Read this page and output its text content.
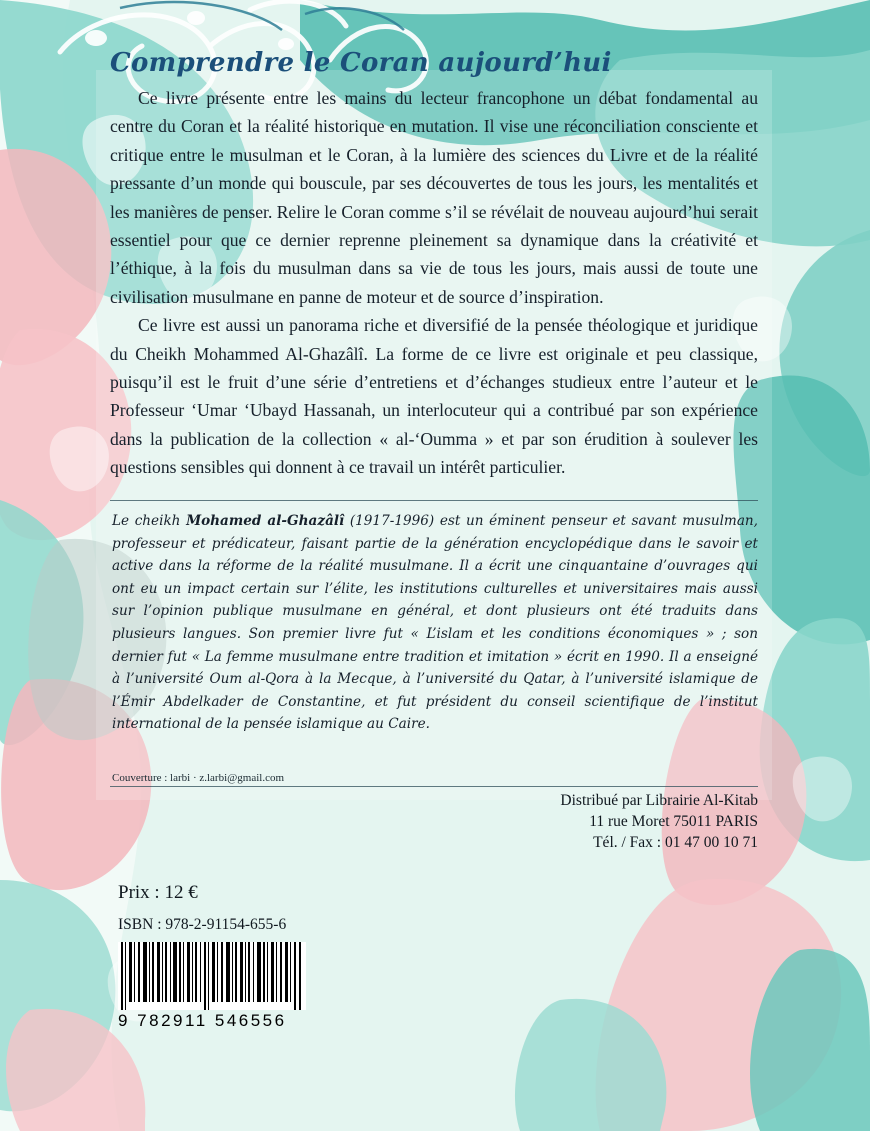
Comprendre le Coran aujourd’hui

Ce livre présente entre les mains du lecteur francophone un débat fondamental au centre du Coran et la réalité historique en mutation. Il vise une réconciliation consciente et critique entre le musulman et le Coran, à la lumière des sciences du Livre et de la réalité pressante d’un monde qui bouscule, par ses découvertes de tous les jours, les mentalités et les manières de penser. Relire le Coran comme s’il se révélait de nouveau aujourd’hui serait essentiel pour que ce dernier reprenne pleinement sa dynamique dans la créativité et l’éthique, à la fois du musulman dans sa vie de tous les jours, mais aussi de toute une civilisation musulmane en panne de moteur et de source d’inspiration.

Ce livre est aussi un panorama riche et diversifié de la pensée théologique et juridique du Cheikh Mohammed Al-Ghazâlî. La forme de ce livre est originale et peu classique, puisqu’il est le fruit d’une série d’entretiens et d’échanges studieux entre l’auteur et le Professeur ‘Umar ‘Ubayd Hassanah, un interlocuteur qui a contribué par son expérience dans la publication de la collection « al-‘Oumma » et par son érudition à soulever les questions sensibles qui donnent à ce travail un intérêt particulier.

Le cheikh Mohamed al-Ghazâlî (1917-1996) est un éminent penseur et savant musulman, professeur et prédicateur, faisant partie de la génération encyclopédique dans le savoir et active dans la réforme de la réalité musulmane. Il a écrit une cinquantaine d’ouvrages qui ont eu un impact certain sur l’élite, les institutions culturelles et universitaires mais aussi sur l’opinion publique musulmane en général, et dont plusieurs ont été traduits dans plusieurs langues. Son premier livre fut « L’islam et les conditions économiques » ; son dernier fut « La femme musulmane entre tradition et imitation » écrit en 1990. Il a enseigné à l’université Oum al-Qora à la Mecque, à l’université du Qatar, à l’université islamique de l’Émir Abdelkader de Constantine, et fut président du conseil scientifique de l’institut international de la pensée islamique au Caire.
Couverture : larbi · z.larbi@gmail.com
Distribué par Librairie Al-Kitab
11 rue Moret 75011 PARIS
Tél. / Fax : 01 47 00 10 71
Prix : 12 €
ISBN : 978-2-91154-655-6
9 782911 546556
